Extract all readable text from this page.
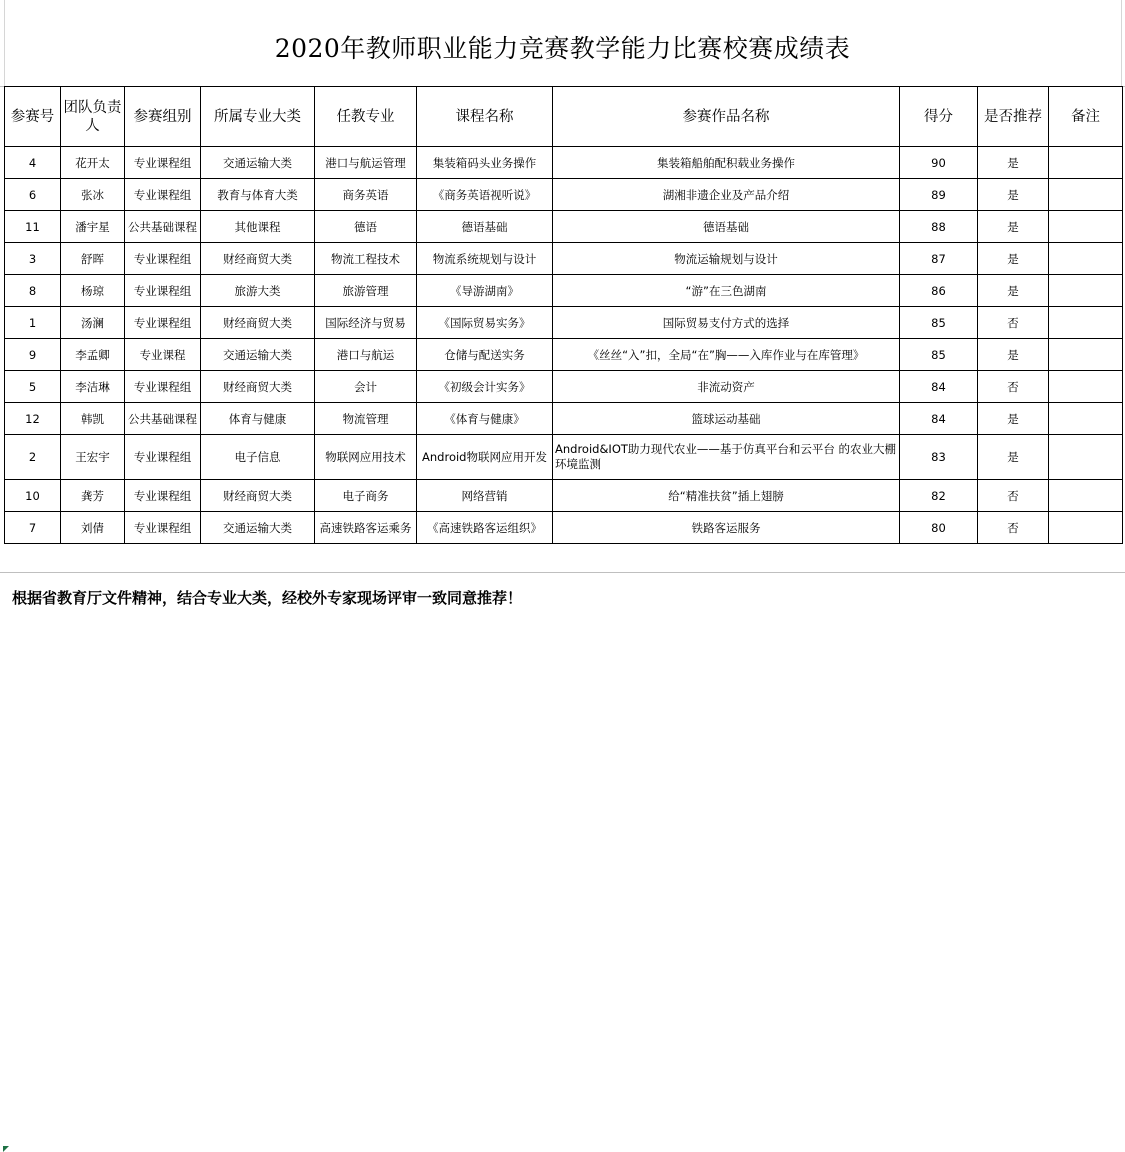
2020年教师职业能力竞赛教学能力比赛校赛成绩表
参赛号	团队负责人	参赛组别	所属专业大类	任教专业	课程名称	参赛作品名称	得分	是否推荐	备注
4	花开太	专业课程组	交通运输大类	港口与航运管理	集装箱码头业务操作	集装箱船舶配积载业务操作	90	是	
6	张冰	专业课程组	教育与体育大类	商务英语	《商务英语视听说》	湖湘非遗企业及产品介绍	89	是	
11	潘宇星	公共基础课程	其他课程	德语	德语基础	德语基础	88	是	
3	舒晖	专业课程组	财经商贸大类	物流工程技术	物流系统规划与设计	物流运输规划与设计	87	是	
8	杨琼	专业课程组	旅游大类	旅游管理	《导游湖南》	“游”在三色湖南	86	是	
1	汤澜	专业课程组	财经商贸大类	国际经济与贸易	《国际贸易实务》	国际贸易支付方式的选择	85	否	
9	李孟卿	专业课程	交通运输大类	港口与航运	仓储与配送实务	《丝丝“入”扣，全局“在”胸——入库作业与在库管理》	85	是	
5	李洁琳	专业课程组	财经商贸大类	会计	《初级会计实务》	非流动资产	84	否	
12	韩凯	公共基础课程	体育与健康	物流管理	《体育与健康》	篮球运动基础	84	是	
2	王宏宇	专业课程组	电子信息	物联网应用技术	Android物联网应用开发	Android&IOT助力现代农业——基于仿真平台和云平台 的农业大棚环境监测	83	是	
10	龚芳	专业课程组	财经商贸大类	电子商务	网络营销	给“精准扶贫”插上翅膀	82	否	
7	刘倩	专业课程组	交通运输大类	高速铁路客运乘务	《高速铁路客运组织》	铁路客运服务	80	否	
根据省教育厅文件精神，结合专业大类，经校外专家现场评审一致同意推荐！
